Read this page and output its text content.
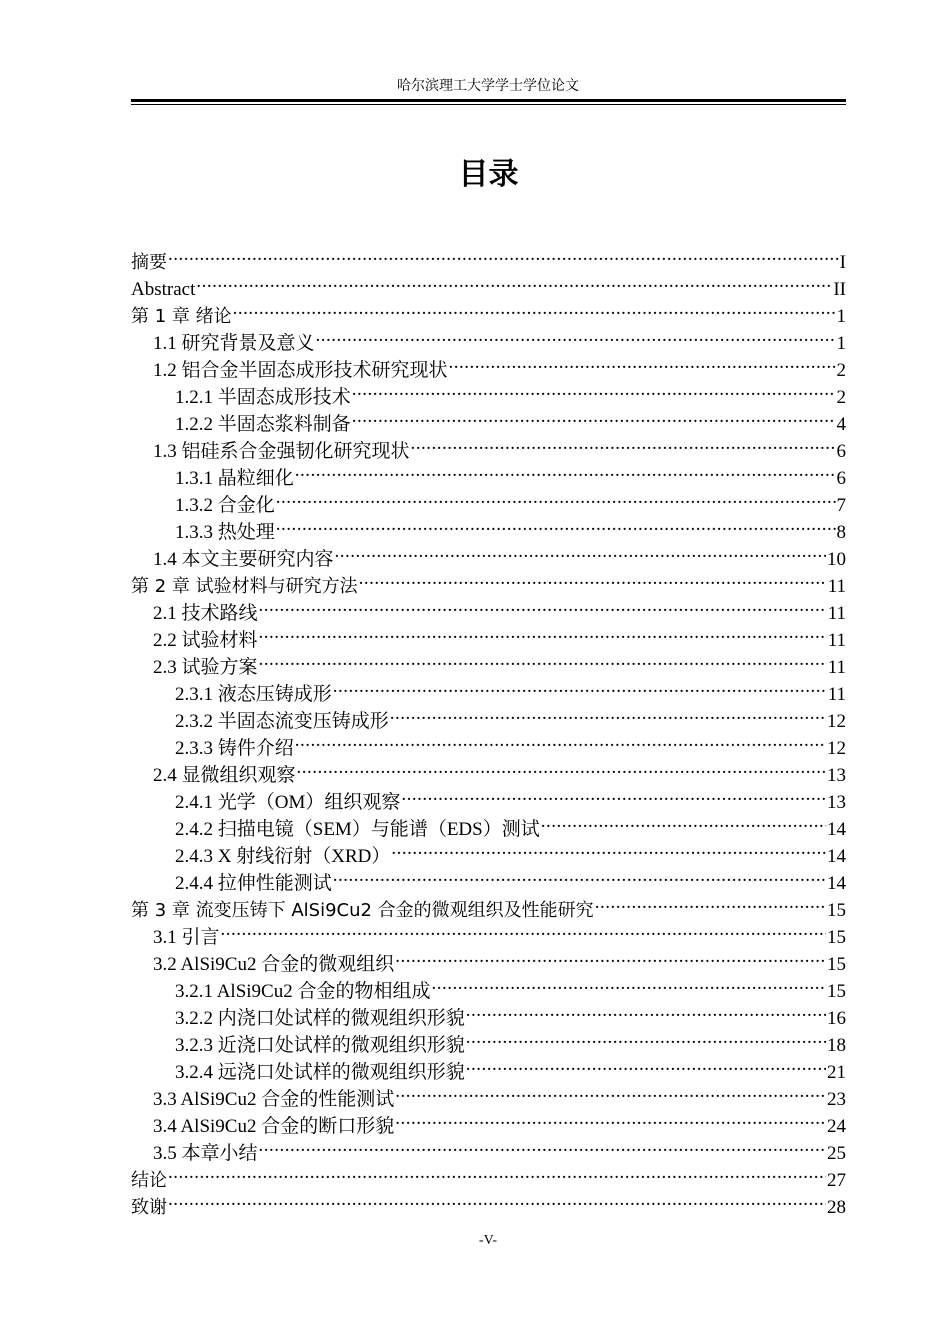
哈尔滨理工大学学士学位论文
目录
摘要 .....	I
Abstract .....	II
第 1 章 绪论 .....	1
1.1 研究背景及意义 .....	1
1.2 铝合金半固态成形技术研究现状 .....	2
1.2.1 半固态成形技术 .....	2
1.2.2 半固态浆料制备 .....	4
1.3 铝硅系合金强韧化研究现状 .....	6
1.3.1 晶粒细化 .....	6
1.3.2 合金化 .....	7
1.3.3 热处理 .....	8
1.4 本文主要研究内容 .....	10
第 2 章 试验材料与研究方法 .....	11
2.1 技术路线 .....	11
2.2 试验材料 .....	11
2.3 试验方案 .....	11
2.3.1 液态压铸成形 .....	11
2.3.2 半固态流变压铸成形 .....	12
2.3.3 铸件介绍 .....	12
2.4 显微组织观察 .....	13
2.4.1 光学（OM）组织观察 .....	13
2.4.2 扫描电镜（SEM）与能谱（EDS）测试 .....	14
2.4.3 X 射线衍射（XRD） .....	14
2.4.4 拉伸性能测试 .....	14
第 3 章 流变压铸下 AlSi9Cu2 合金的微观组织及性能研究 .....	15
3.1 引言 .....	15
3.2 AlSi9Cu2 合金的微观组织 .....	15
3.2.1 AlSi9Cu2 合金的物相组成 .....	15
3.2.2 内浇口处试样的微观组织形貌 .....	16
3.2.3 近浇口处试样的微观组织形貌 .....	18
3.2.4 远浇口处试样的微观组织形貌 .....	21
3.3 AlSi9Cu2 合金的性能测试 .....	23
3.4 AlSi9Cu2 合金的断口形貌 .....	24
3.5 本章小结 .....	25
结论 .....	27
致谢 .....	28
-V-
